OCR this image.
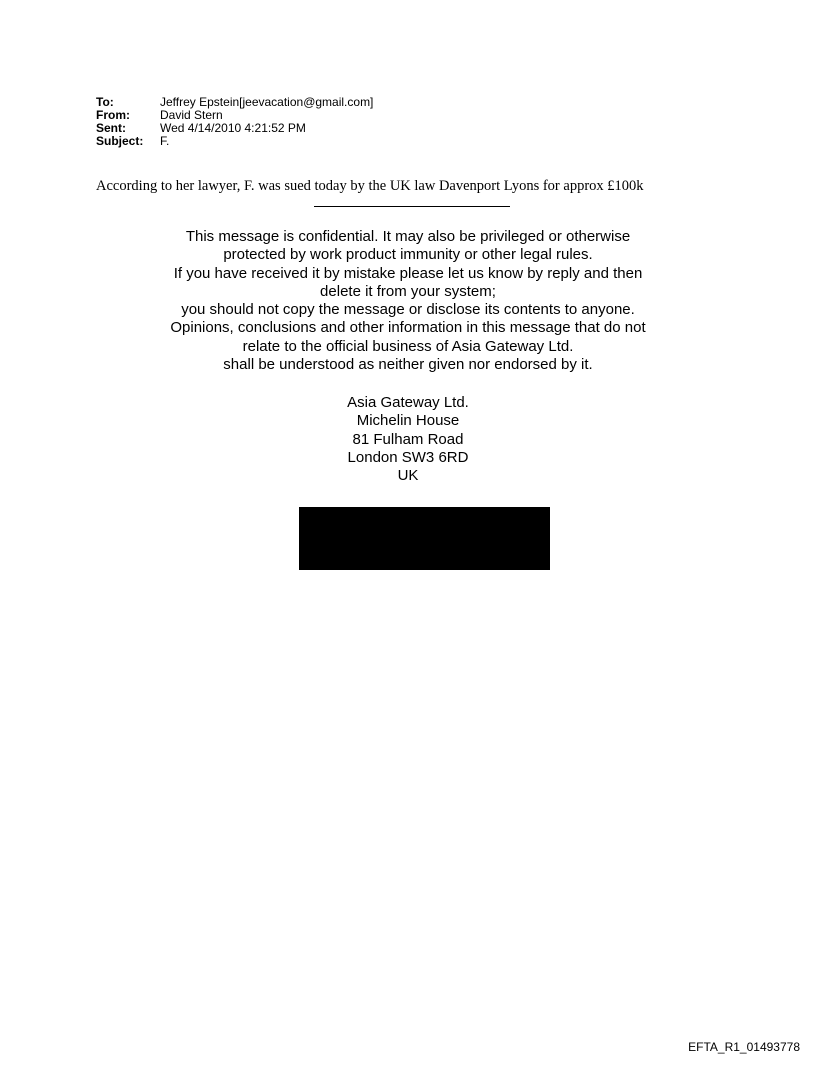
To:	Jeffrey Epstein[jeevacation@gmail.com]
From:	David Stern
Sent:	Wed 4/14/2010 4:21:52 PM
Subject:	F.
According to her lawyer, F. was sued today by the UK law Davenport Lyons for approx £100k
This message is confidential. It may also be privileged or otherwise
protected by work product immunity or other legal rules.
If you have received it by mistake please let us know by reply and then
delete it from your system;
you should not copy the message or disclose its contents to anyone.
Opinions, conclusions and other information in this message that do not
relate to the official business of Asia Gateway Ltd.
shall be understood as neither given nor endorsed by it.
Asia Gateway Ltd.
Michelin House
81 Fulham Road
London SW3 6RD
UK
EFTA_R1_01493778
